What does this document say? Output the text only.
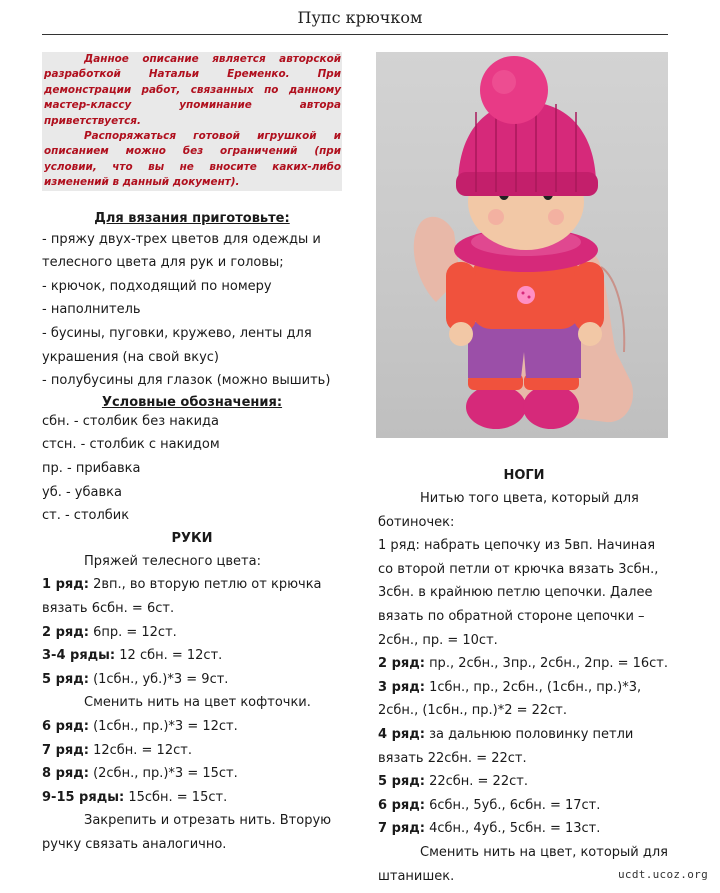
Пупс крючком

Данное описание является авторской разработкой Натальи Еременко. При демонстрации работ, связанных по данному мастер-классу упоминание автора приветствуется.

Распоряжаться готовой игрушкой и описанием можно без ограничений (при условии, что вы не вносите каких-либо изменений в данный документ).

Для вязания приготовьте:

- пряжу двух-трех цветов для одежды и телесного цвета для рук и головы;

- крючок, подходящий по номеру

- наполнитель

- бусины, пуговки, кружево, ленты для украшения (на свой вкус)

- полубусины для глазок (можно вышить)

Условные обозначения:

сбн. - столбик без накида

стсн. - столбик с накидом

пр. - прибавка

уб. - убавка

ст. - столбик

РУКИ

Пряжей телесного цвета:

1 ряд: 2вп., во вторую петлю от крючка вязать 6сбн. = 6ст.

2 ряд: 6пр. = 12ст.

3-4 ряды: 12 сбн. = 12ст.

5 ряд: (1сбн., уб.)*3 = 9ст.

Сменить нить на цвет кофточки.

6 ряд: (1сбн., пр.)*3 = 12ст.

7 ряд: 12сбн. = 12ст.

8 ряд: (2сбн., пр.)*3 = 15ст.

9-15 ряды: 15сбн. = 15ст.

Закрепить и отрезать нить. Вторую ручку связать аналогично.

НОГИ

Нитью того цвета, который для ботиночек:

1 ряд: набрать цепочку из 5вп. Начиная со второй петли от крючка вязать 3сбн., 3сбн. в крайнюю петлю цепочки. Далее вязать по обратной стороне цепочки – 2сбн., пр. = 10ст.

2 ряд: пр., 2сбн., 3пр., 2сбн., 2пр. = 16ст.

3 ряд: 1сбн., пр., 2сбн., (1сбн., пр.)*3, 2сбн., (1сбн., пр.)*2 = 22ст.

4 ряд: за дальнюю половинку петли вязать 22сбн. = 22ст.

5 ряд: 22сбн. = 22ст.

6 ряд: 6сбн., 5уб., 6сбн. = 17ст.

7 ряд: 4сбн., 4уб., 5сбн. = 13ст.

Сменить нить на цвет, который для штанишек.	ucdt.ucoz.org
